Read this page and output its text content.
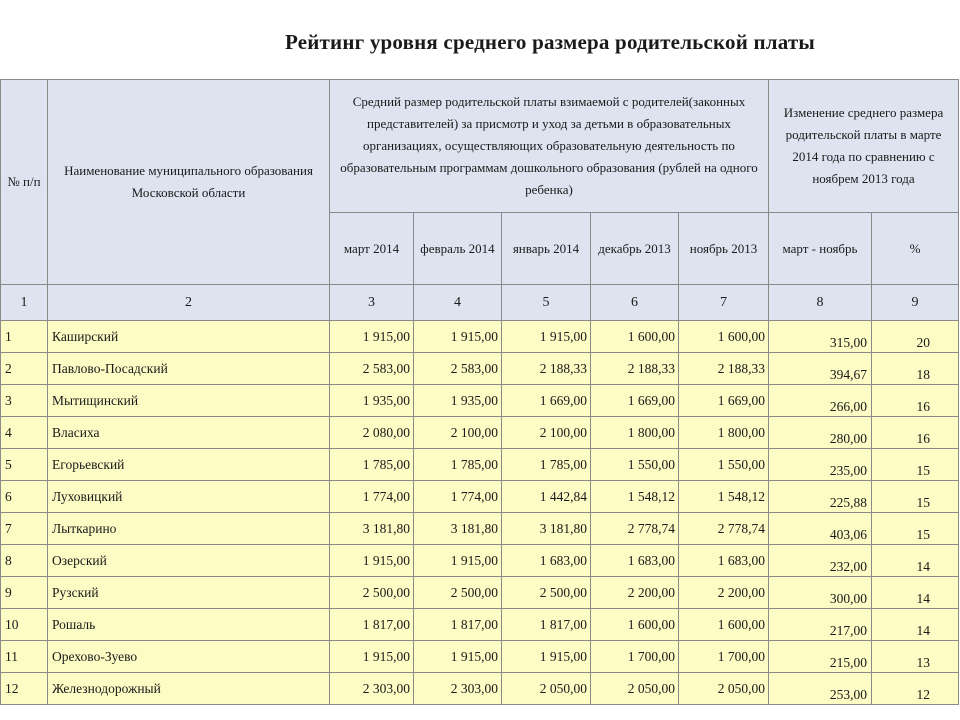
Рейтинг уровня среднего размера родительской платы
№ п/п	Наименование муниципального образования Московской области	Средний размер родительской платы взимаемой с родителей(законных представителей) за присмотр и уход за детьми в образовательных организациях, осуществляющих образовательную деятельность по образовательным программам дошкольного образования (рублей на одного ребенка)					Изменение среднего размера родительской платы в марте 2014 года по сравнению с ноябрем 2013 года	
		март 2014	февраль 2014	январь 2014	декабрь 2013	ноябрь 2013	март - ноябрь	%
1	2	3	4	5	6	7	8	9
1	Каширский	1 915,00	1 915,00	1 915,00	1 600,00	1 600,00	315,00	20
2	Павлово-Посадский	2 583,00	2 583,00	2 188,33	2 188,33	2 188,33	394,67	18
3	Мытищинский	1 935,00	1 935,00	1 669,00	1 669,00	1 669,00	266,00	16
4	Власиха	2 080,00	2 100,00	2 100,00	1 800,00	1 800,00	280,00	16
5	Егорьевский	1 785,00	1 785,00	1 785,00	1 550,00	1 550,00	235,00	15
6	Луховицкий	1 774,00	1 774,00	1 442,84	1 548,12	1 548,12	225,88	15
7	Лыткарино	3 181,80	3 181,80	3 181,80	2 778,74	2 778,74	403,06	15
8	Озерский	1 915,00	1 915,00	1 683,00	1 683,00	1 683,00	232,00	14
9	Рузский	2 500,00	2 500,00	2 500,00	2 200,00	2 200,00	300,00	14
10	Рошаль	1 817,00	1 817,00	1 817,00	1 600,00	1 600,00	217,00	14
11	Орехово-Зуево	1 915,00	1 915,00	1 915,00	1 700,00	1 700,00	215,00	13
12	Железнодорожный	2 303,00	2 303,00	2 050,00	2 050,00	2 050,00	253,00	12
